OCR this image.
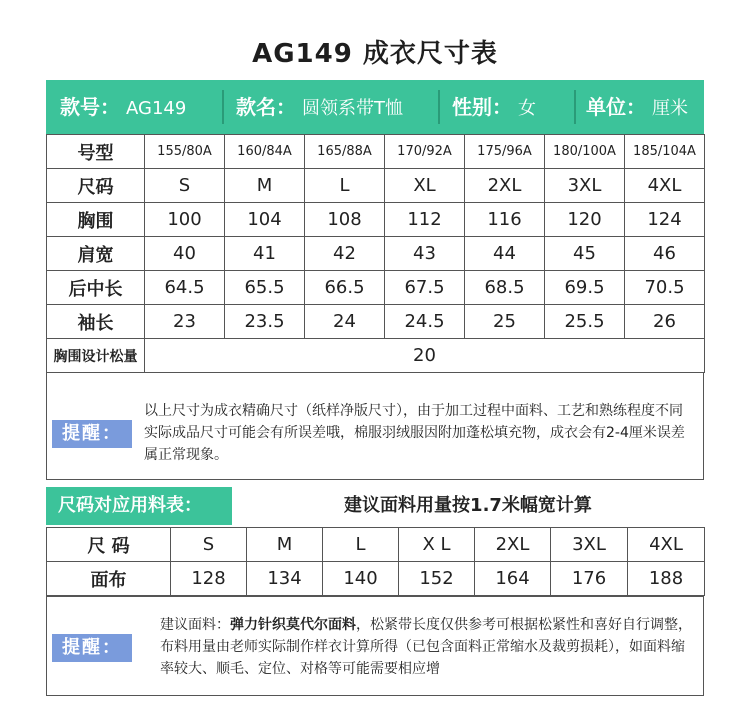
AG149 成衣尺寸表
款号： AG149 款名： 圆领系带T恤 性别： 女	单位： 厘米
号型	155/80A	160/84A	165/88A	170/92A	175/96A	180/100A	185/104A
尺码	S	M	L	XL	2XL	3XL	4XL
胸围	100	104	108	112	116	120	124
肩宽	40	41	42	43	44	45	46
后中长	64.5	65.5	66.5	67.5	68.5	69.5	70.5
袖长	23	23.5	24	24.5	25	25.5	26
胸围设计松量	20						
提醒：
以上尺寸为成衣精确尺寸（纸样净版尺寸），由于加工过程中面料、工艺和熟练程度不同实际成品尺寸可能会有所误差哦，棉服羽绒服因附加蓬松填充物，成衣会有2-4厘米误差属正常现象。
尺码对应用料表：	建议面料用量按1.7米幅宽计算
尺 码	S	M	L	X L	2XL	3XL	4XL
面布	128	134	140	152	164	176	188
提醒：
建议面料：弹力针织莫代尔面料，松紧带长度仅供参考可根据松紧性和喜好自行调整，布料用量由老师实际制作样衣计算所得（已包含面料正常缩水及裁剪损耗），如面料缩率较大、顺毛、定位、对格等可能需要相应增
